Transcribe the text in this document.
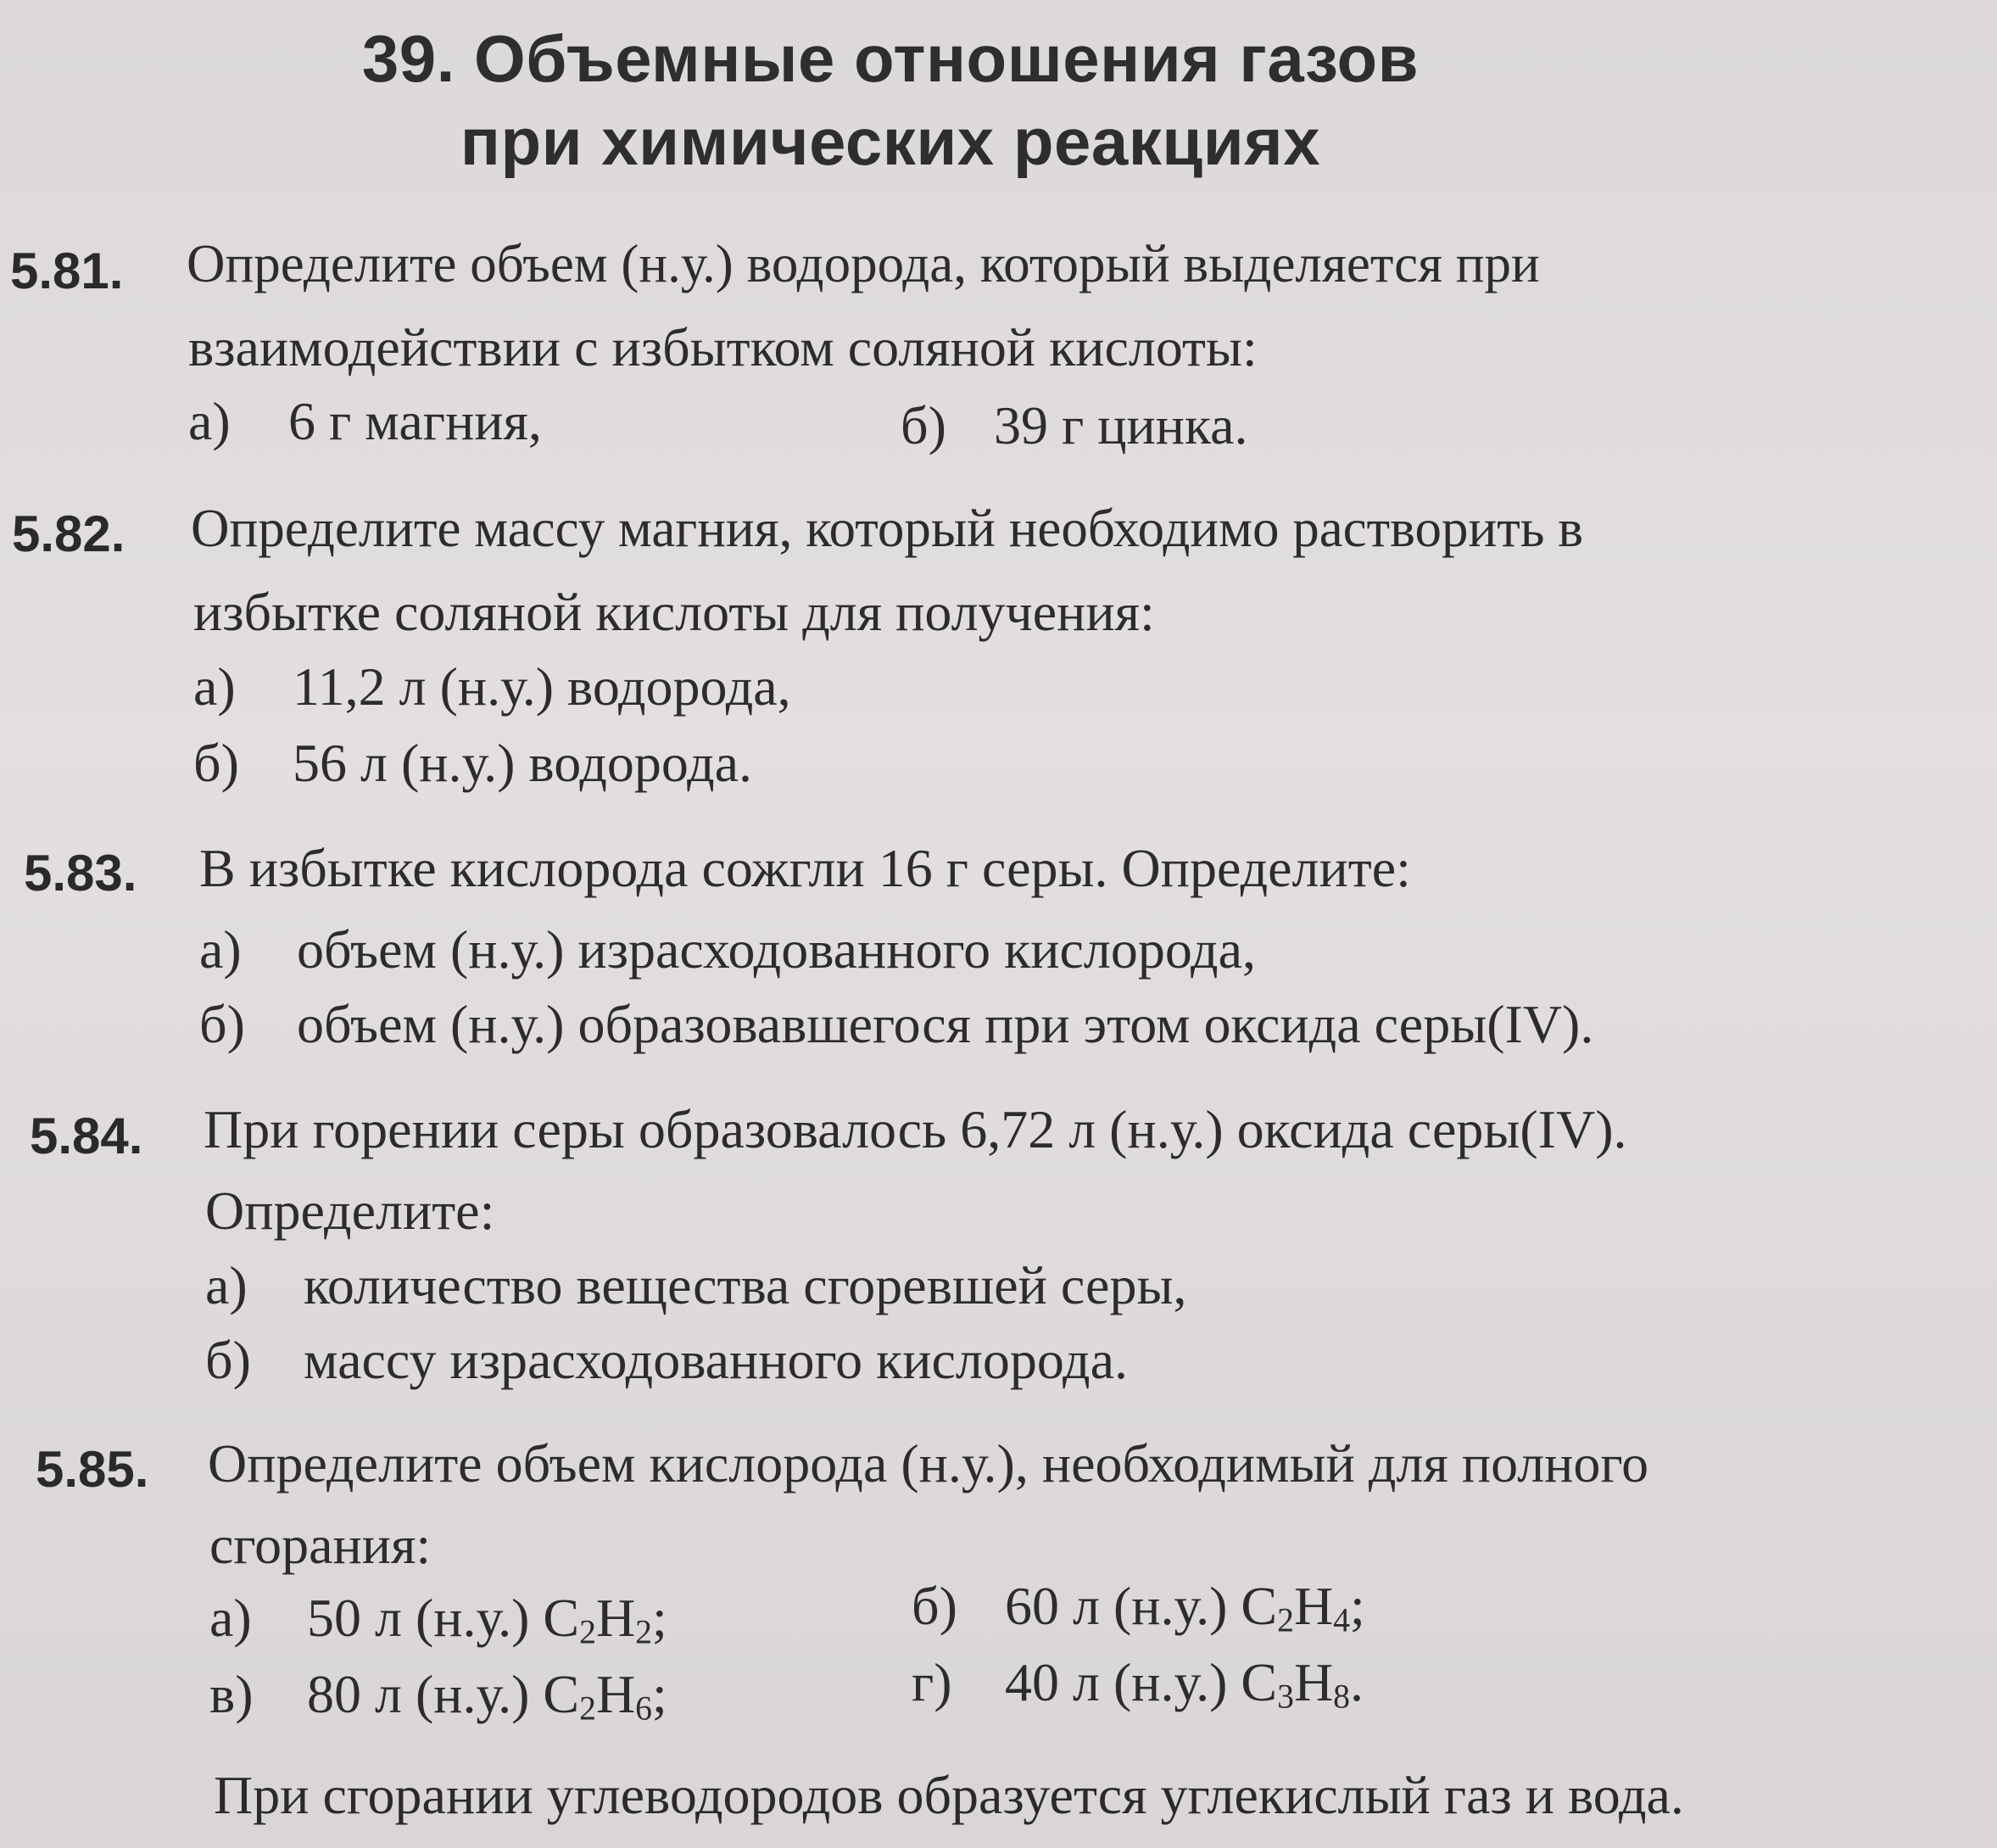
39. Объемные отношения газов
при химических реакциях
5.81. Определите объем (н.у.) водорода, который выделяется при
взаимодействии с избытком соляной кислоты:
а) 6 г магния,	б) 39 г цинка.
5.82. Определите массу магния, который необходимо растворить в
избытке соляной кислоты для получения:
а) 11,2 л (н.у.) водорода,
б) 56 л (н.у.) водорода.
5.83. В избытке кислорода сожгли 16 г серы. Определите:
а) объем (н.у.) израсходованного кислорода,
б) объем (н.у.) образовавшегося при этом оксида серы(IV).
5.84. При горении серы образовалось 6,72 л (н.у.) оксида серы(IV).
Определите:
а) количество вещества сгоревшей серы,
б) массу израсходованного кислорода.
5.85. Определите объем кислорода (н.у.), необходимый для полного
сгорания:
а) 50 л (н.у.) $C_2H_2$;	б) 60 л (н.у.) $C_2H_4$;
в) 80 л (н.у.) $C_2H_6$;	г) 40 л (н.у.) $C_3H_8$.
При сгорании углеводородов образуется углекислый газ и вода.
